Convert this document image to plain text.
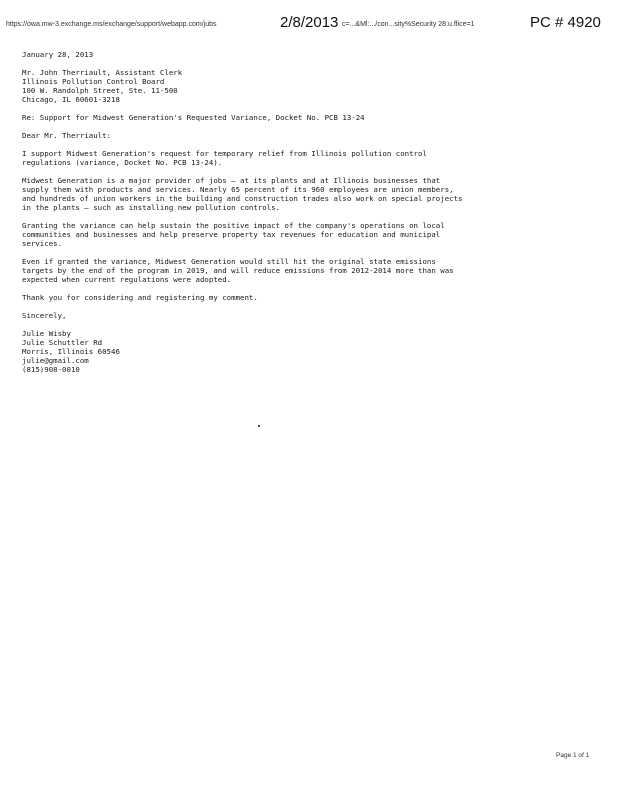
https://owa.mw-3.exchange.ms/exchange/support/webapp.com/jubs	2/8/2013 c=...&Ml:.../con...sity%Security 28.u.ffice=1	PC # 4920

January 28, 2013

Mr. John Therriault, Assistant Clerk
Illinois Pollution Control Board
100 W. Randolph Street, Ste. 11-500
Chicago, IL 60601-3218

Re: Support for Midwest Generation's Requested Variance, Docket No. PCB 13-24

Dear Mr. Therriault:

I support Midwest Generation's request for temporary relief from Illinois pollution control
regulations (variance, Docket No. PCB 13-24).

Midwest Generation is a major provider of jobs – at its plants and at Illinois businesses that
supply them with products and services. Nearly 65 percent of its 960 employees are union members,
and hundreds of union workers in the building and construction trades also work on special projects
in the plants – such as installing new pollution controls.

Granting the variance can help sustain the positive impact of the company's operations on local
communities and businesses and help preserve property tax revenues for education and municipal
services.

Even if granted the variance, Midwest Generation would still hit the original state emissions
targets by the end of the program in 2019, and will reduce emissions from 2012-2014 more than was
expected when current regulations were adopted.

Thank you for considering and registering my comment.

Sincerely,

Julie Wisby
Julie Schuttler Rd
Morris, Illinois 60546
julie@gmail.com
(815)908-0010

Page 1 of 1
